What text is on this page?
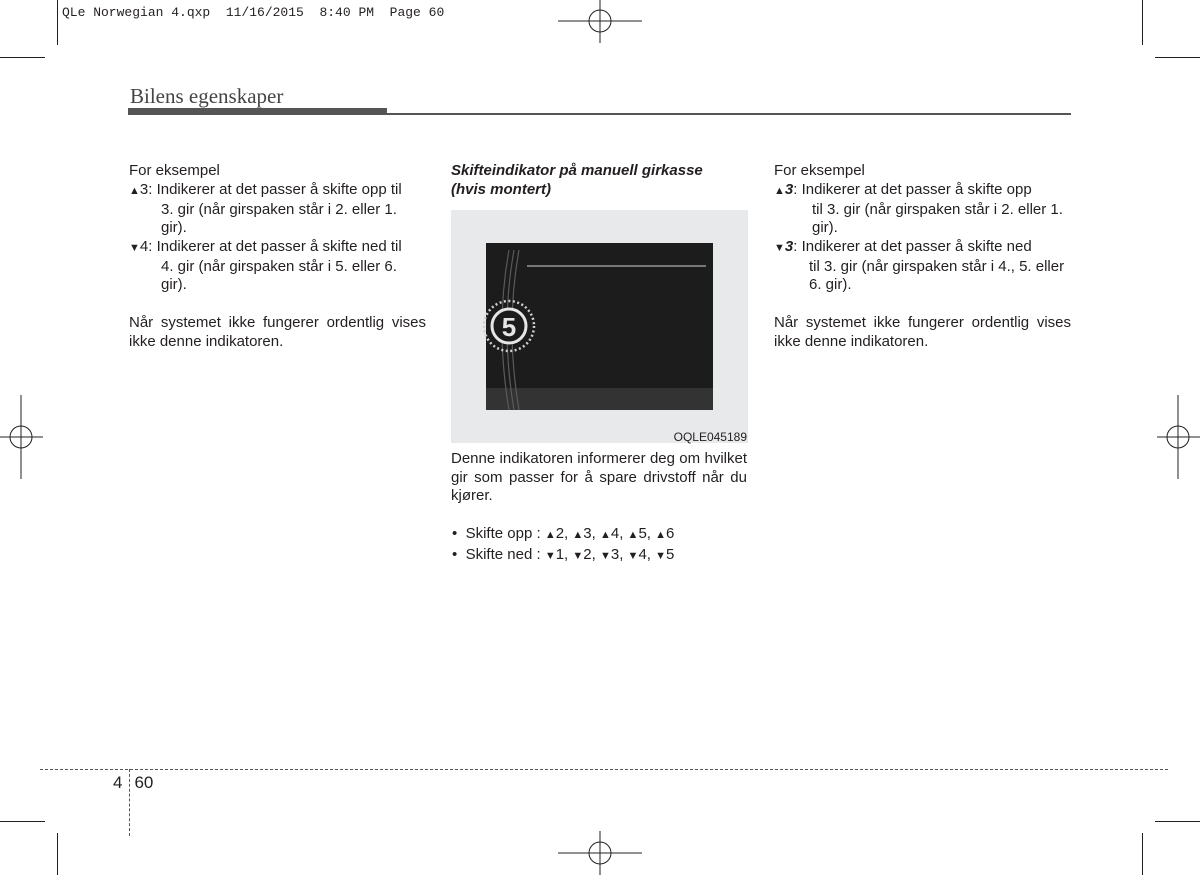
QLe Norwegian 4.qxp  11/16/2015  8:40 PM  Page 60
Bilens egenskaper
For eksempel
▲3: Indikerer at det passer å skifte opp til
3. gir (når girspaken står i 2. eller 1. gir).
▼4: Indikerer at det passer å skifte ned til
4. gir (når girspaken står i 5. eller 6. gir).
Når systemet ikke fungerer ordentlig vises ikke denne indikatoren.
Skifteindikator på manuell girkasse (hvis montert)
5
OQLE045189
Denne indikatoren informerer deg om hvilket gir som passer for å spare drivstoff når du kjører.
•  Skifte opp : ▲2, ▲3, ▲4, ▲5, ▲6
•  Skifte ned : ▼1, ▼2, ▼3, ▼4, ▼5
For eksempel
▲3: Indikerer at det passer å skifte opp
til 3. gir (når girspaken står i 2. eller 1. gir).
▼3: Indikerer at det passer å skifte ned
til 3. gir (når girspaken står i 4., 5. eller 6. gir).
Når systemet ikke fungerer ordentlig vises ikke denne indikatoren.
4 60
